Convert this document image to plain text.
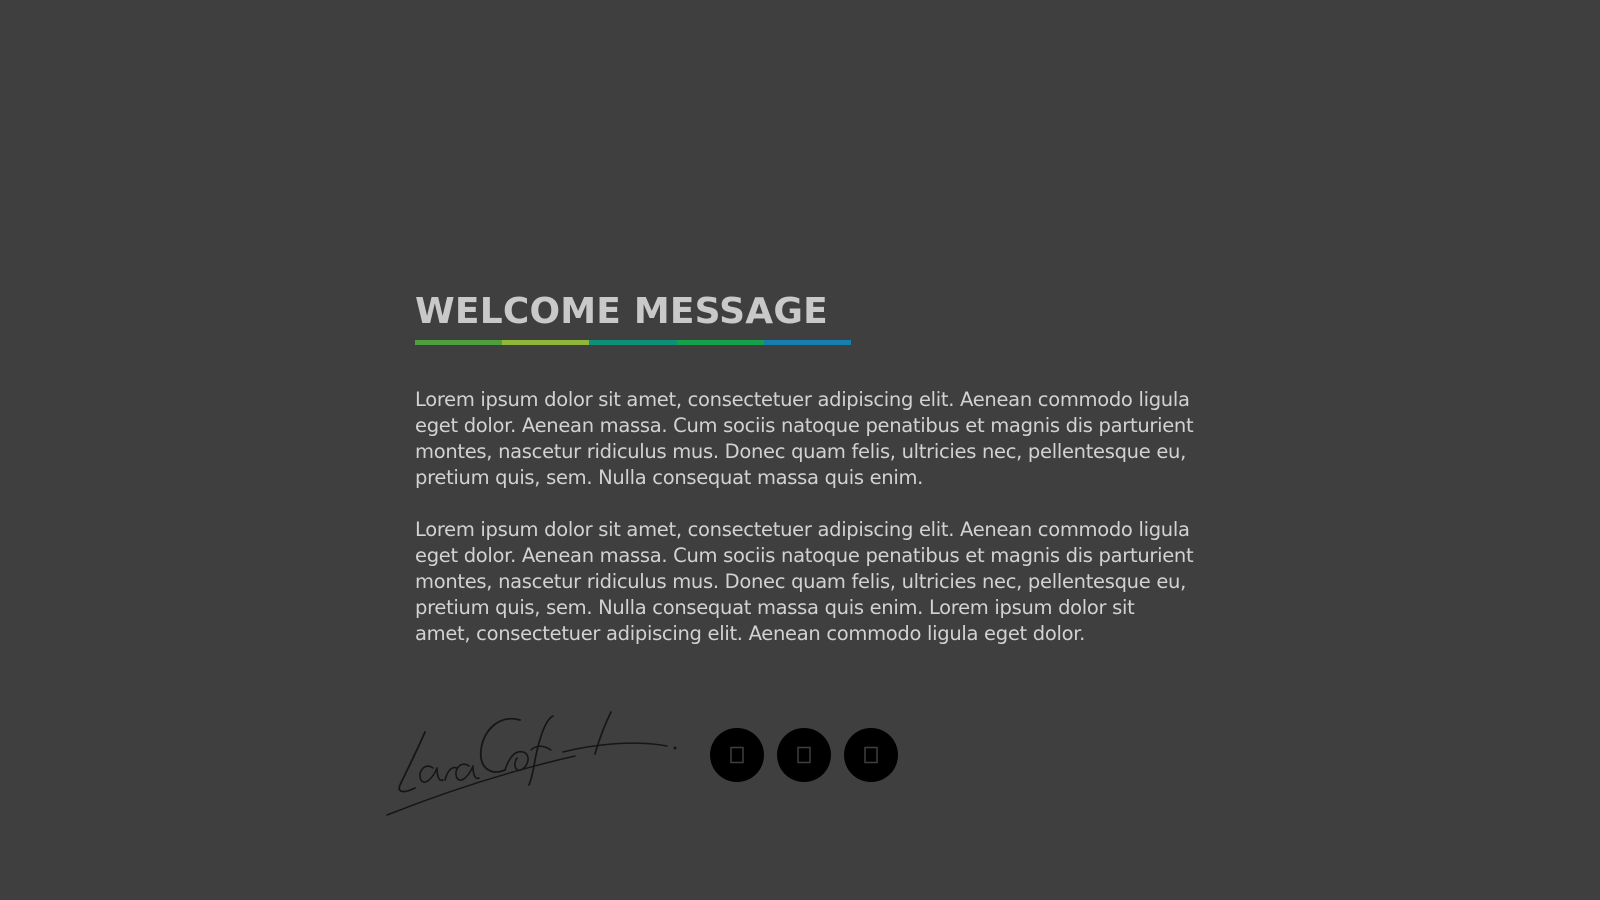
WELCOME MESSAGE

Lorem ipsum dolor sit amet, consectetuer adipiscing elit. Aenean commodo ligula eget dolor. Aenean massa. Cum sociis natoque penatibus et magnis dis parturient montes, nascetur ridiculus mus. Donec quam felis, ultricies nec, pellentesque eu, pretium quis, sem. Nulla consequat massa quis enim.

Lorem ipsum dolor sit amet, consectetuer adipiscing elit. Aenean commodo ligula eget dolor. Aenean massa. Cum sociis natoque penatibus et magnis dis parturient montes, nascetur ridiculus mus. Donec quam felis, ultricies nec, pellentesque eu, pretium quis, sem. Nulla consequat massa quis enim. Lorem ipsum dolor sit amet, consectetuer adipiscing elit. Aenean commodo ligula eget dolor.
